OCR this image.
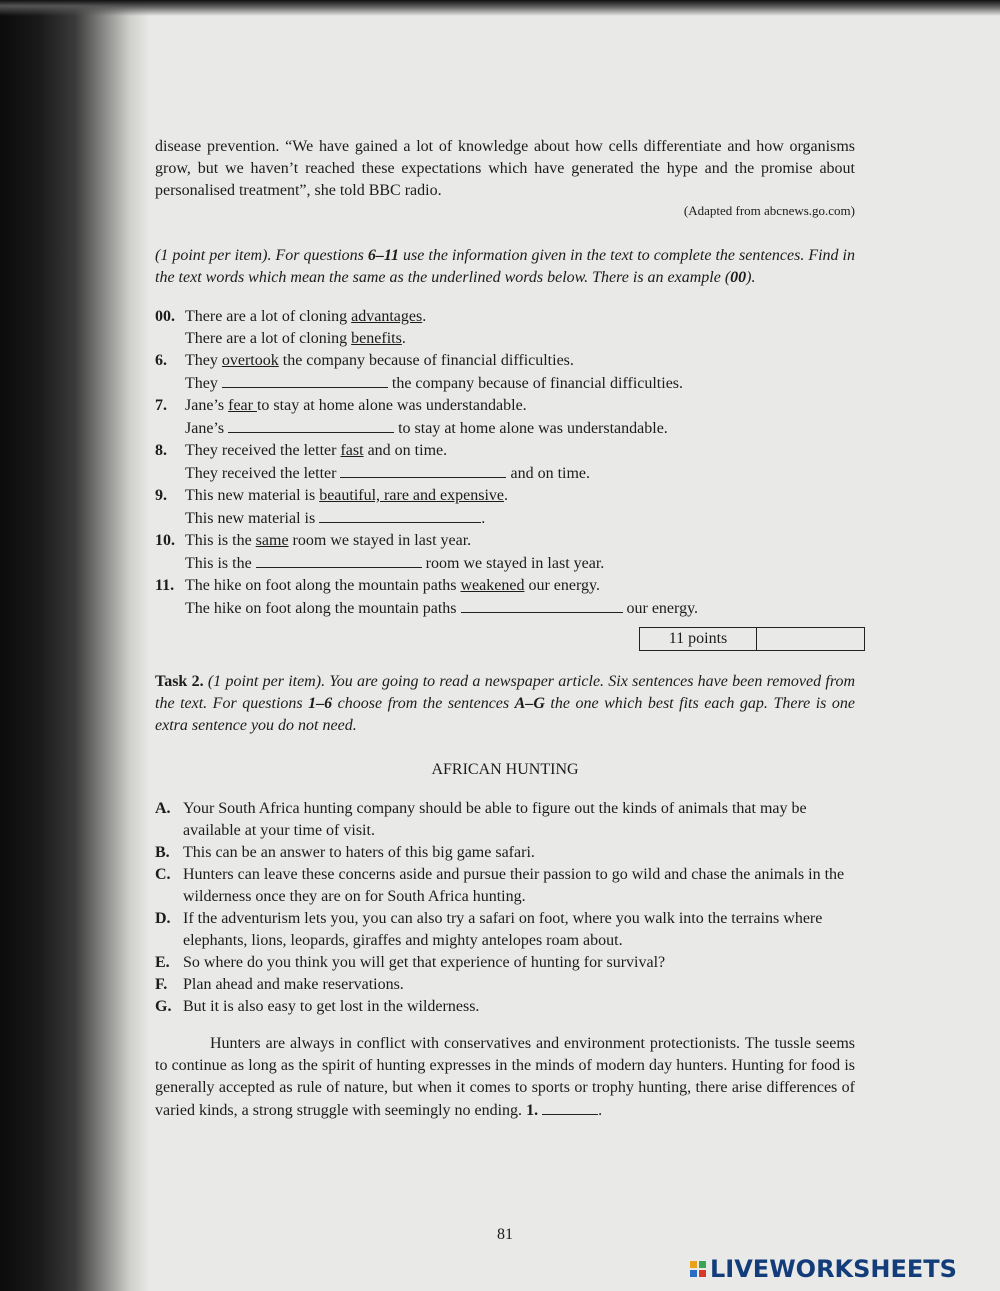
disease prevention. “We have gained a lot of knowledge about how cells differentiate and how organisms grow, but we haven’t reached these expectations which have generated the hype and the promise about personalised treatment”, she told BBC radio.

(Adapted from abcnews.go.com)

(1 point per item). For questions 6–11 use the information given in the text to complete the sentences. Find in the text words which mean the same as the underlined words below. There is an example (00).

00. There are a lot of cloning advantages.
There are a lot of cloning benefits.
6.	They overtook the company because of financial difficulties.
They	the company because of financial difficulties.
7.	Jane’s fear to stay at home alone was understandable.
Jane’s	to stay at home alone was understandable.
8.	They received the letter fast and on time.
They received the letter	and on time.
9.	This new material is beautiful, rare and expensive.
This new material is	.
10. This is the same room we stayed in last year.
This is the	room we stayed in last year.
11. The hike on foot along the mountain paths weakened our energy.
The hike on foot along the mountain paths	our energy.
11 points

Task 2. (1 point per item). You are going to read a newspaper article. Six sentences have been removed from the text. For questions 1–6 choose from the sentences A–G the one which best fits each gap. There is one extra sentence you do not need.

AFRICAN HUNTING

A. Your South Africa hunting company should be able to figure out the kinds of animals that may be available at your time of visit.
B. This can be an answer to haters of this big game safari.
C. Hunters can leave these concerns aside and pursue their passion to go wild and chase the animals in the wilderness once they are on for South Africa hunting.
D. If the adventurism lets you, you can also try a safari on foot, where you walk into the terrains where elephants, lions, leopards, giraffes and mighty antelopes roam about.
E. So where do you think you will get that experience of hunting for survival?
F. Plan ahead and make reservations.
G. But it is also easy to get lost in the wilderness.

Hunters are always in conflict with conservatives and environment protectionists. The tussle seems to continue as long as the spirit of hunting expresses in the minds of modern day hunters. Hunting for food is generally accepted as rule of nature, but when it comes to sports or trophy hunting, there arise differences of varied kinds, a strong struggle with seemingly no ending. 1.	.

81
LIVEWORKSHEETS
